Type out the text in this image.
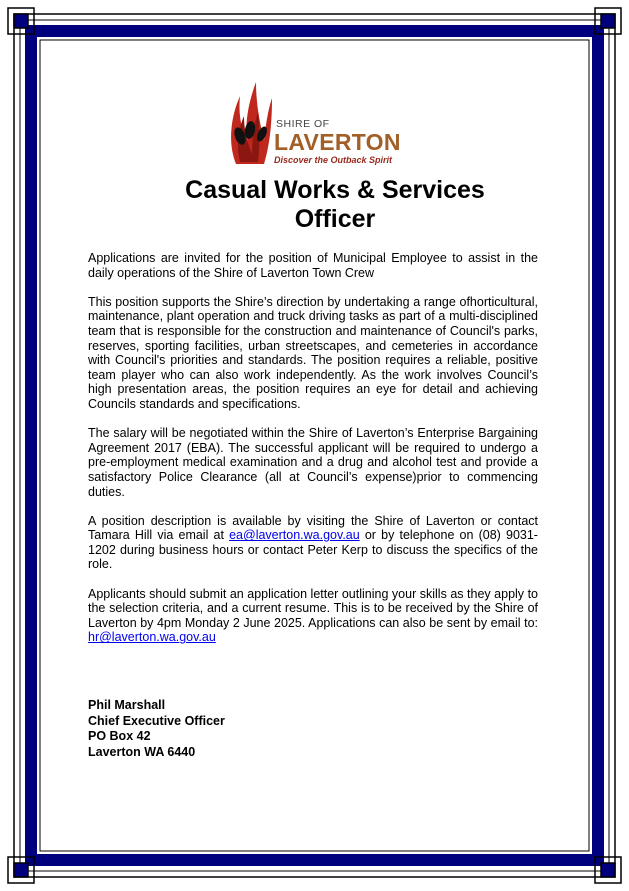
SHIRE OF
LAVERTON
Discover the Outback Spirit
Casual Works & Services
Officer

Applications are invited for the position of Municipal Employee to assist in the daily operations of the Shire of Laverton Town Crew

This position supports the Shire’s direction by undertaking a range ofhorticultural, maintenance, plant operation and truck driving tasks as part of a multi-disciplined team that is responsible for the construction and maintenance of Council's parks, reserves, sporting facilities, urban streetscapes, and cemeteries in accordance with Council's priorities and standards. The position requires a reliable, positive team player who can also work independently. As the work involves Council’s high presentation areas, the position requires an eye for detail and achieving Councils standards and specifications.

The salary will be negotiated within the Shire of Laverton’s Enterprise Bargaining Agreement 2017 (EBA). The successful applicant will be required to undergo a pre-employment medical examination and a drug and alcohol test and provide a satisfactory Police Clearance (all at Council’s expense)prior to commencing duties.

A position description is available by visiting the Shire of Laverton or contact Tamara Hill via email at ea@laverton.wa.gov.au or by telephone on (08) 9031-1202 during business hours or contact Peter Kerp to discuss the specifics of the role.

Applicants should submit an application letter outlining your skills as they apply to the selection criteria, and a current resume. This is to be received by the Shire of Laverton by 4pm Monday 2 June 2025. Applications can also be sent by email to: hr@laverton.wa.gov.au

Phil Marshall
Chief Executive Officer
PO Box 42
Laverton WA 6440
